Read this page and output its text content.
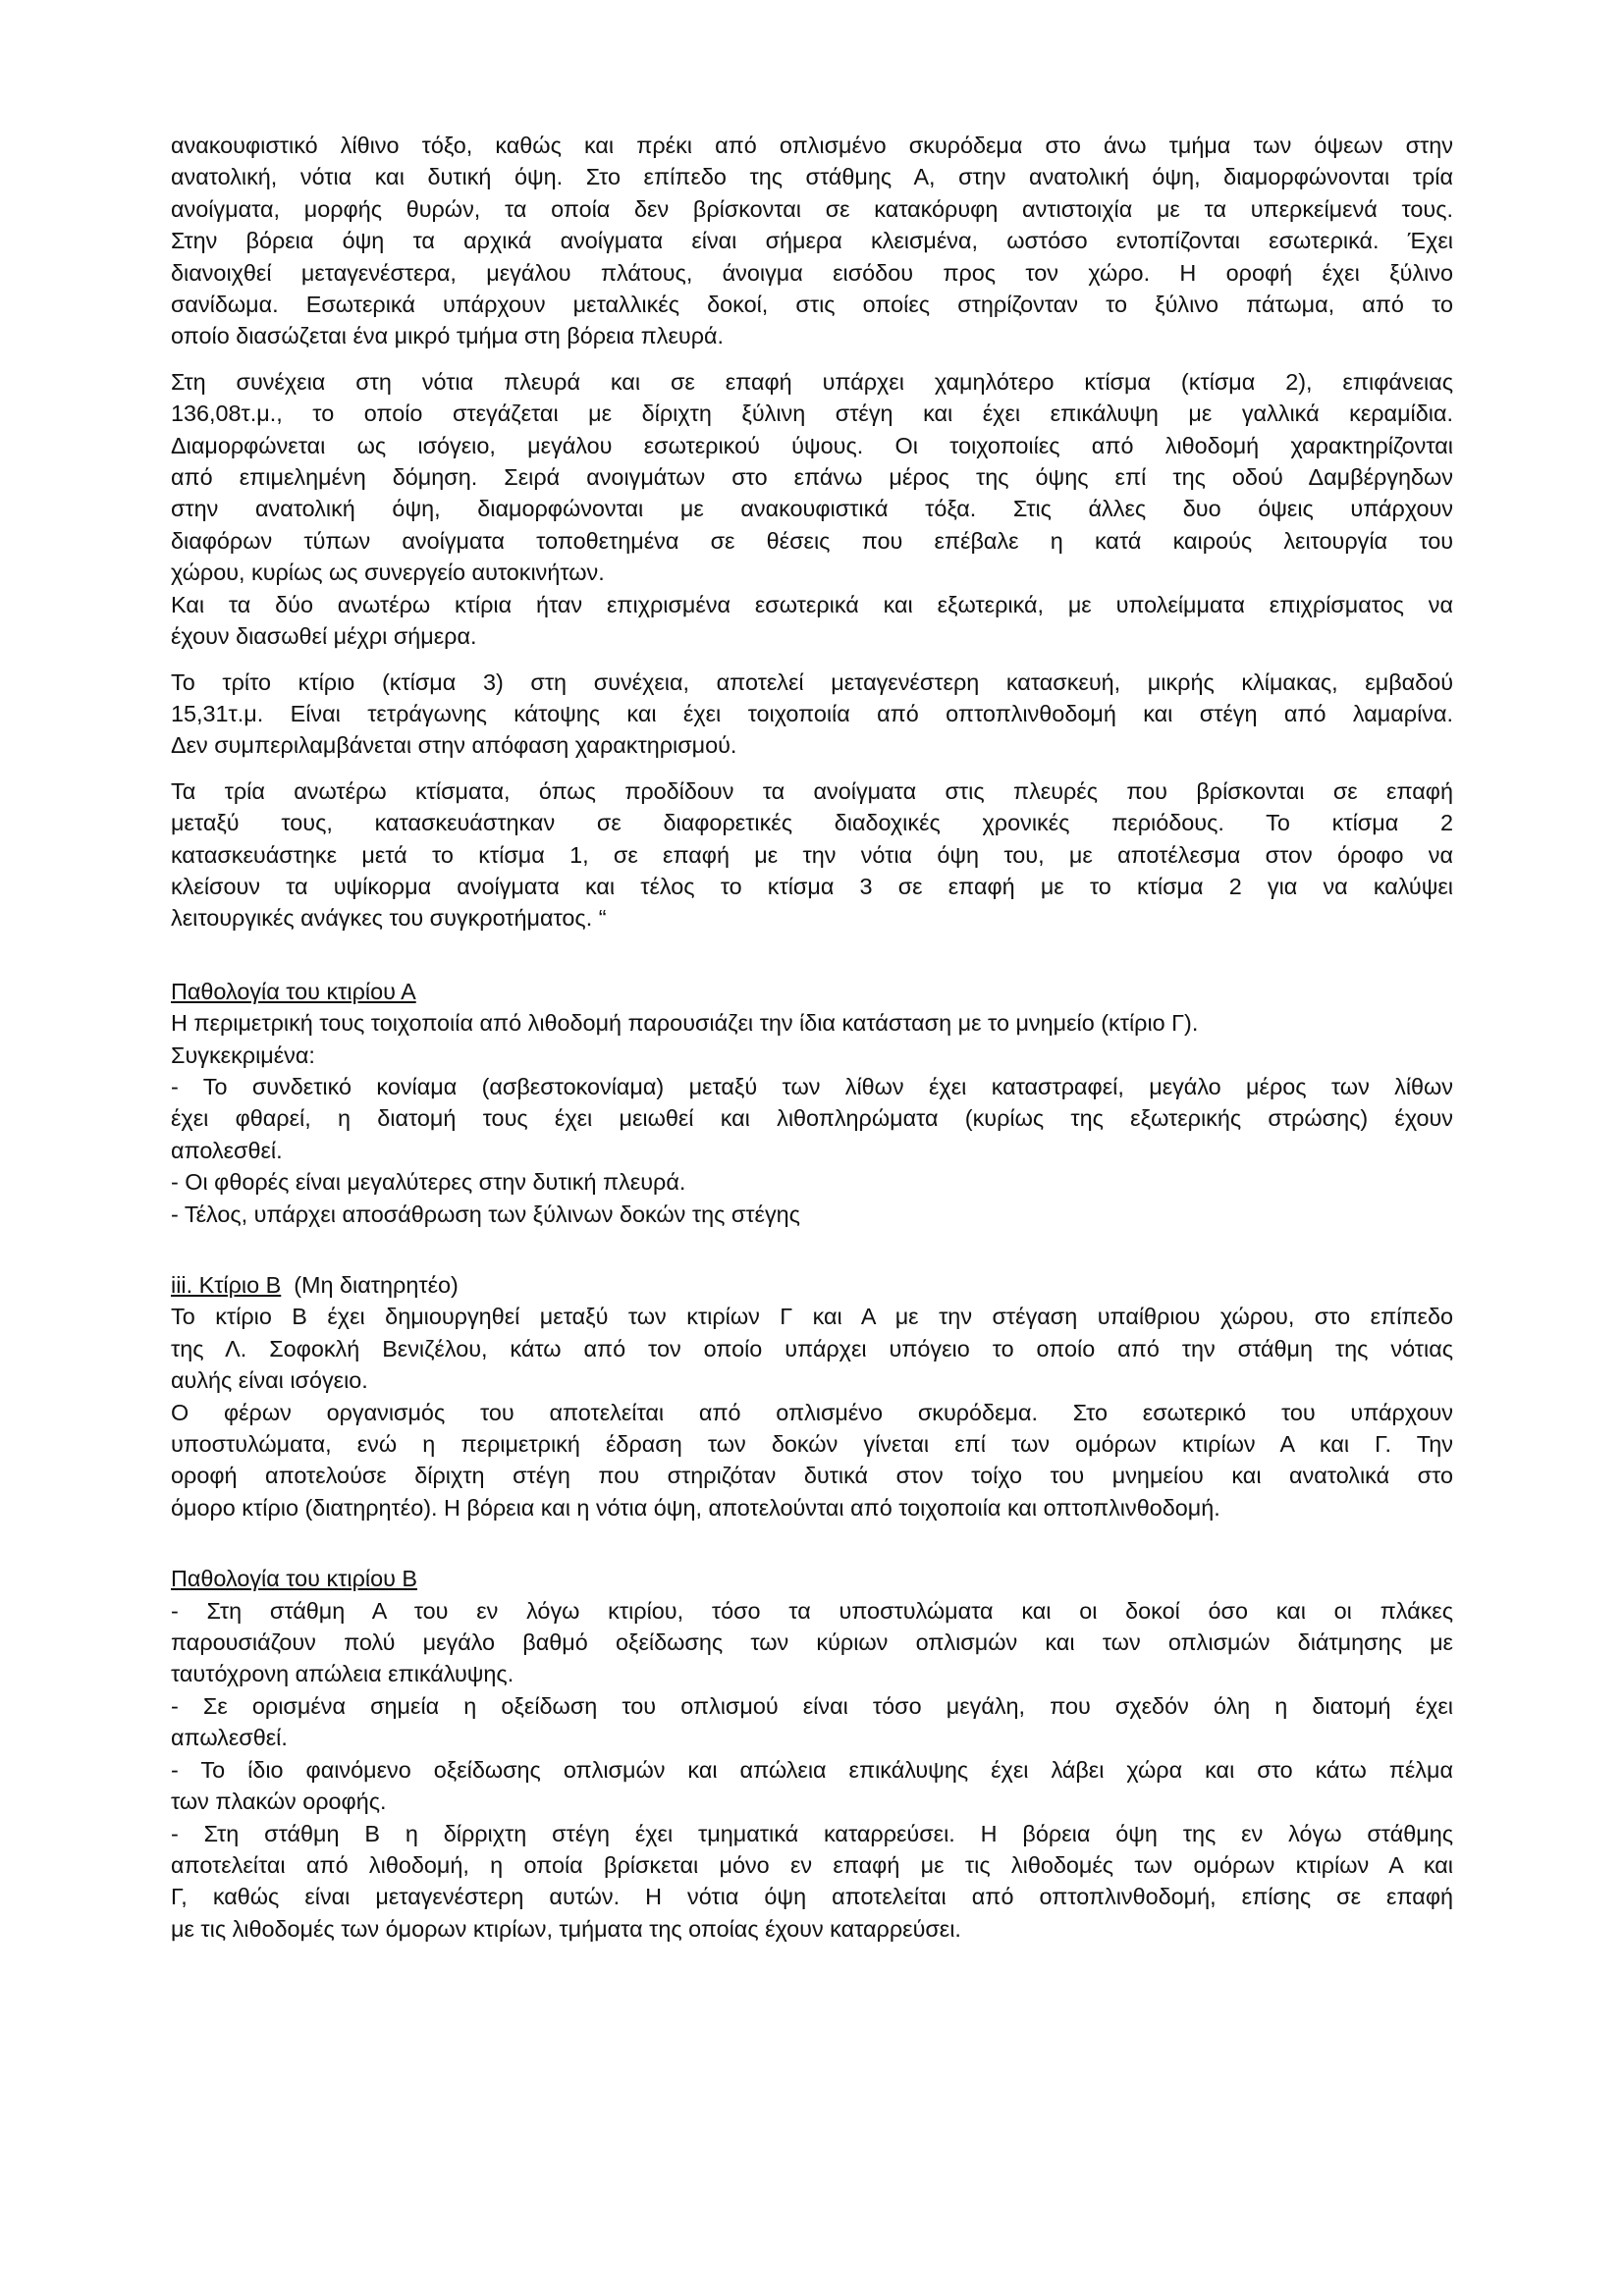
ανακουφιστικό λίθινο τόξο, καθώς και πρέκι από οπλισμένο σκυρόδεμα στο άνω τμήμα των όψεων στην
ανατολική, νότια και δυτική όψη. Στο επίπεδο της στάθμης Α, στην ανατολική όψη, διαμορφώνονται τρία
ανοίγματα, μορφής θυρών, τα οποία δεν βρίσκονται σε κατακόρυφη αντιστοιχία με τα υπερκείμενά τους.
Στην βόρεια όψη τα αρχικά ανοίγματα είναι σήμερα κλεισμένα, ωστόσο εντοπίζονται εσωτερικά. Έχει
διανοιχθεί μεταγενέστερα, μεγάλου πλάτους, άνοιγμα εισόδου προς τον χώρο. Η οροφή έχει ξύλινο
σανίδωμα. Εσωτερικά υπάρχουν μεταλλικές δοκοί, στις οποίες στηρίζονταν το ξύλινο πάτωμα, από το
οποίο διασώζεται ένα μικρό τμήμα στη βόρεια πλευρά.
Στη συνέχεια στη νότια πλευρά και σε επαφή υπάρχει χαμηλότερο κτίσμα (κτίσμα 2), επιφάνειας
136,08τ.μ., το οποίο στεγάζεται με δίριχτη ξύλινη στέγη και έχει επικάλυψη με γαλλικά κεραμίδια.
Διαμορφώνεται ως ισόγειο, μεγάλου εσωτερικού ύψους. Οι τοιχοποιίες από λιθοδομή χαρακτηρίζονται
από επιμελημένη δόμηση. Σειρά ανοιγμάτων στο επάνω μέρος της όψης επί της οδού Δαμβέργηδων
στην ανατολική όψη, διαμορφώνονται με ανακουφιστικά τόξα. Στις άλλες δυο όψεις υπάρχουν
διαφόρων τύπων ανοίγματα τοποθετημένα σε θέσεις που επέβαλε η κατά καιρούς λειτουργία του
χώρου, κυρίως ως συνεργείο αυτοκινήτων.
Και τα δύο ανωτέρω κτίρια ήταν επιχρισμένα εσωτερικά και εξωτερικά, με υπολείμματα επιχρίσματος να
έχουν διασωθεί μέχρι σήμερα.
Το τρίτο κτίριο (κτίσμα 3) στη συνέχεια, αποτελεί μεταγενέστερη κατασκευή, μικρής κλίμακας, εμβαδού
15,31τ.μ. Είναι τετράγωνης κάτοψης και έχει τοιχοποιία από οπτοπλινθοδομή και στέγη από λαμαρίνα.
Δεν συμπεριλαμβάνεται στην απόφαση χαρακτηρισμού.
Τα τρία ανωτέρω κτίσματα, όπως προδίδουν τα ανοίγματα στις πλευρές που βρίσκονται σε επαφή
μεταξύ τους, κατασκευάστηκαν σε διαφορετικές διαδοχικές χρονικές περιόδους. Το κτίσμα 2
κατασκευάστηκε μετά το κτίσμα 1, σε επαφή με την νότια όψη του, με αποτέλεσμα στον όροφο να
κλείσουν τα υψίκορμα ανοίγματα και τέλος το κτίσμα 3 σε επαφή με το κτίσμα 2 για να καλύψει
λειτουργικές ανάγκες του συγκροτήματος. “
Παθολογία του κτιρίου Α
Η περιμετρική τους τοιχοποιία από λιθοδομή παρουσιάζει την ίδια κατάσταση με το μνημείο (κτίριο Γ).
Συγκεκριμένα:
- Το συνδετικό κονίαμα (ασβεστοκονίαμα) μεταξύ των λίθων έχει καταστραφεί, μεγάλο μέρος των λίθων
έχει φθαρεί, η διατομή τους έχει μειωθεί και λιθοπληρώματα (κυρίως της εξωτερικής στρώσης) έχουν
απολεσθεί.
- Οι φθορές είναι μεγαλύτερες στην δυτική πλευρά.
- Τέλος, υπάρχει αποσάθρωση των ξύλινων δοκών της στέγης
iii. Κτίριο Β  (Μη διατηρητέο)
Το κτίριο Β έχει δημιουργηθεί μεταξύ των κτιρίων Γ και Α με την στέγαση υπαίθριου χώρου, στο επίπεδο
της Λ. Σοφοκλή Βενιζέλου, κάτω από τον οποίο υπάρχει υπόγειο το οποίο από την στάθμη της νότιας
αυλής είναι ισόγειο.
Ο φέρων οργανισμός του αποτελείται από οπλισμένο σκυρόδεμα. Στο εσωτερικό του υπάρχουν
υποστυλώματα, ενώ η περιμετρική έδραση των δοκών γίνεται επί των ομόρων κτιρίων Α και Γ. Την
οροφή αποτελούσε δίριχτη στέγη που στηριζόταν δυτικά στον τοίχο του μνημείου και ανατολικά στο
όμορο κτίριο (διατηρητέο). Η βόρεια και η νότια όψη, αποτελούνται από τοιχοποιία και οπτοπλινθοδομή.
Παθολογία του κτιρίου Β
- Στη στάθμη Α του εν λόγω κτιρίου, τόσο τα υποστυλώματα και οι δοκοί όσο και οι πλάκες
παρουσιάζουν πολύ μεγάλο βαθμό οξείδωσης των κύριων οπλισμών και των οπλισμών διάτμησης με
ταυτόχρονη απώλεια επικάλυψης.
- Σε ορισμένα σημεία η οξείδωση του οπλισμού είναι τόσο μεγάλη, που σχεδόν όλη η διατομή έχει
απωλεσθεί.
- Το ίδιο φαινόμενο οξείδωσης οπλισμών και απώλεια επικάλυψης έχει λάβει χώρα και στο κάτω πέλμα
των πλακών οροφής.
- Στη στάθμη Β η δίρριχτη στέγη έχει τμηματικά καταρρεύσει. Η βόρεια όψη της εν λόγω στάθμης
αποτελείται από λιθοδομή, η οποία βρίσκεται μόνο εν επαφή με τις λιθοδομές των ομόρων κτιρίων Α και
Γ, καθώς είναι μεταγενέστερη αυτών. Η νότια όψη αποτελείται από οπτοπλινθοδομή, επίσης σε επαφή
με τις λιθοδομές των όμορων κτιρίων, τμήματα της οποίας έχουν καταρρεύσει.
